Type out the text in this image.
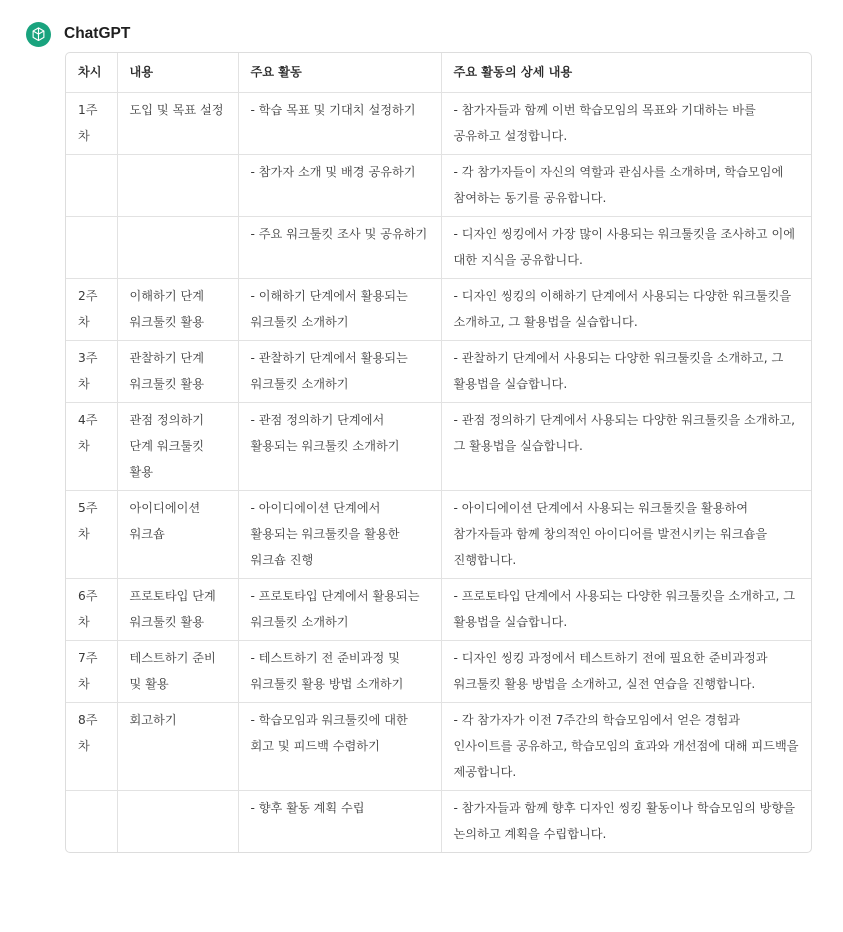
ChatGPT
차시	내용	주요 활동	주요 활동의 상세 내용
1주차	도입 및 목표 설정	- 학습 목표 및 기대치 설정하기	- 참가자들과 함께 이번 학습모임의 목표와 기대하는 바를 공유하고 설정합니다.
		- 참가자 소개 및 배경 공유하기	- 각 참가자들이 자신의 역할과 관심사를 소개하며, 학습모임에 참여하는 동기를 공유합니다.
		- 주요 워크툴킷 조사 및 공유하기	- 디자인 씽킹에서 가장 많이 사용되는 워크툴킷을 조사하고 이에 대한 지식을 공유합니다.
2주차	이해하기 단계 워크툴킷 활용	- 이해하기 단계에서 활용되는 워크툴킷 소개하기	- 디자인 씽킹의 이해하기 단계에서 사용되는 다양한 워크툴킷을 소개하고, 그 활용법을 실습합니다.
3주차	관찰하기 단계 워크툴킷 활용	- 관찰하기 단계에서 활용되는 워크툴킷 소개하기	- 관찰하기 단계에서 사용되는 다양한 워크툴킷을 소개하고, 그 활용법을 실습합니다.
4주차	관점 정의하기 단계 워크툴킷 활용	- 관점 정의하기 단계에서 활용되는 워크툴킷 소개하기	- 관점 정의하기 단계에서 사용되는 다양한 워크툴킷을 소개하고, 그 활용법을 실습합니다.
5주차	아이디에이션 워크숍	- 아이디에이션 단계에서 활용되는 워크툴킷을 활용한 워크숍 진행	- 아이디에이션 단계에서 사용되는 워크툴킷을 활용하여 참가자들과 함께 창의적인 아이디어를 발전시키는 워크숍을 진행합니다.
6주차	프로토타입 단계 워크툴킷 활용	- 프로토타입 단계에서 활용되는 워크툴킷 소개하기	- 프로토타입 단계에서 사용되는 다양한 워크툴킷을 소개하고, 그 활용법을 실습합니다.
7주차	테스트하기 준비 및 활용	- 테스트하기 전 준비과정 및 워크툴킷 활용 방법 소개하기	- 디자인 씽킹 과정에서 테스트하기 전에 필요한 준비과정과 워크툴킷 활용 방법을 소개하고, 실전 연습을 진행합니다.
8주차	회고하기	- 학습모임과 워크툴킷에 대한 회고 및 피드백 수렴하기	- 각 참가자가 이전 7주간의 학습모임에서 얻은 경험과 인사이트를 공유하고, 학습모임의 효과와 개선점에 대해 피드백을 제공합니다.
		- 향후 활동 계획 수립	- 참가자들과 함께 향후 디자인 씽킹 활동이나 학습모임의 방향을 논의하고 계획을 수립합니다.
